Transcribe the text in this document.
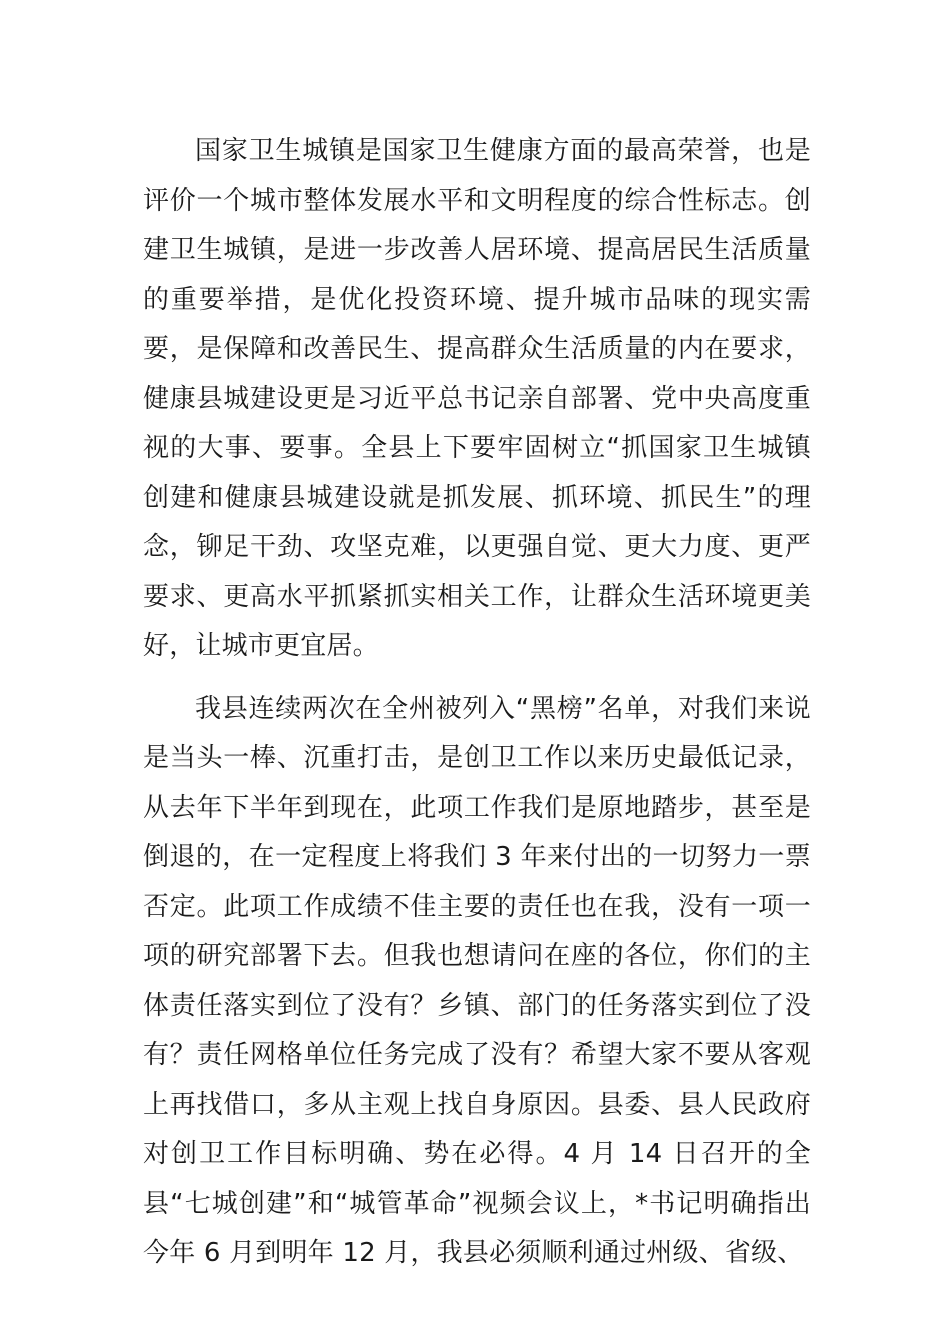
国家卫生城镇是国家卫生健康方面的最高荣誉，也是评价一个城市整体发展水平和文明程度的综合性标志。创建卫生城镇，是进一步改善人居环境、提高居民生活质量的重要举措，是优化投资环境、提升城市品味的现实需要，是保障和改善民生、提高群众生活质量的内在要求，健康县城建设更是习近平总书记亲自部署、党中央高度重视的大事、要事。全县上下要牢固树立“抓国家卫生城镇创建和健康县城建设就是抓发展、抓环境、抓民生”的理念，铆足干劲、攻坚克难，以更强自觉、更大力度、更严要求、更高水平抓紧抓实相关工作，让群众生活环境更美好，让城市更宜居。

我县连续两次在全州被列入“黑榜”名单，对我们来说是当头一棒、沉重打击，是创卫工作以来历史最低记录，从去年下半年到现在，此项工作我们是原地踏步，甚至是倒退的，在一定程度上将我们 3 年来付出的一切努力一票否定。此项工作成绩不佳主要的责任也在我，没有一项一项的研究部署下去。但我也想请问在座的各位，你们的主体责任落实到位了没有？乡镇、部门的任务落实到位了没有？责任网格单位任务完成了没有？希望大家不要从客观上再找借口，多从主观上找自身原因。县委、县人民政府对创卫工作目标明确、势在必得。4 月 14 日召开的全县“七城创建”和“城管革命”视频会议上，*书记明确指出今年 6 月到明年 12 月，我县必须顺利通过州级、省级、
